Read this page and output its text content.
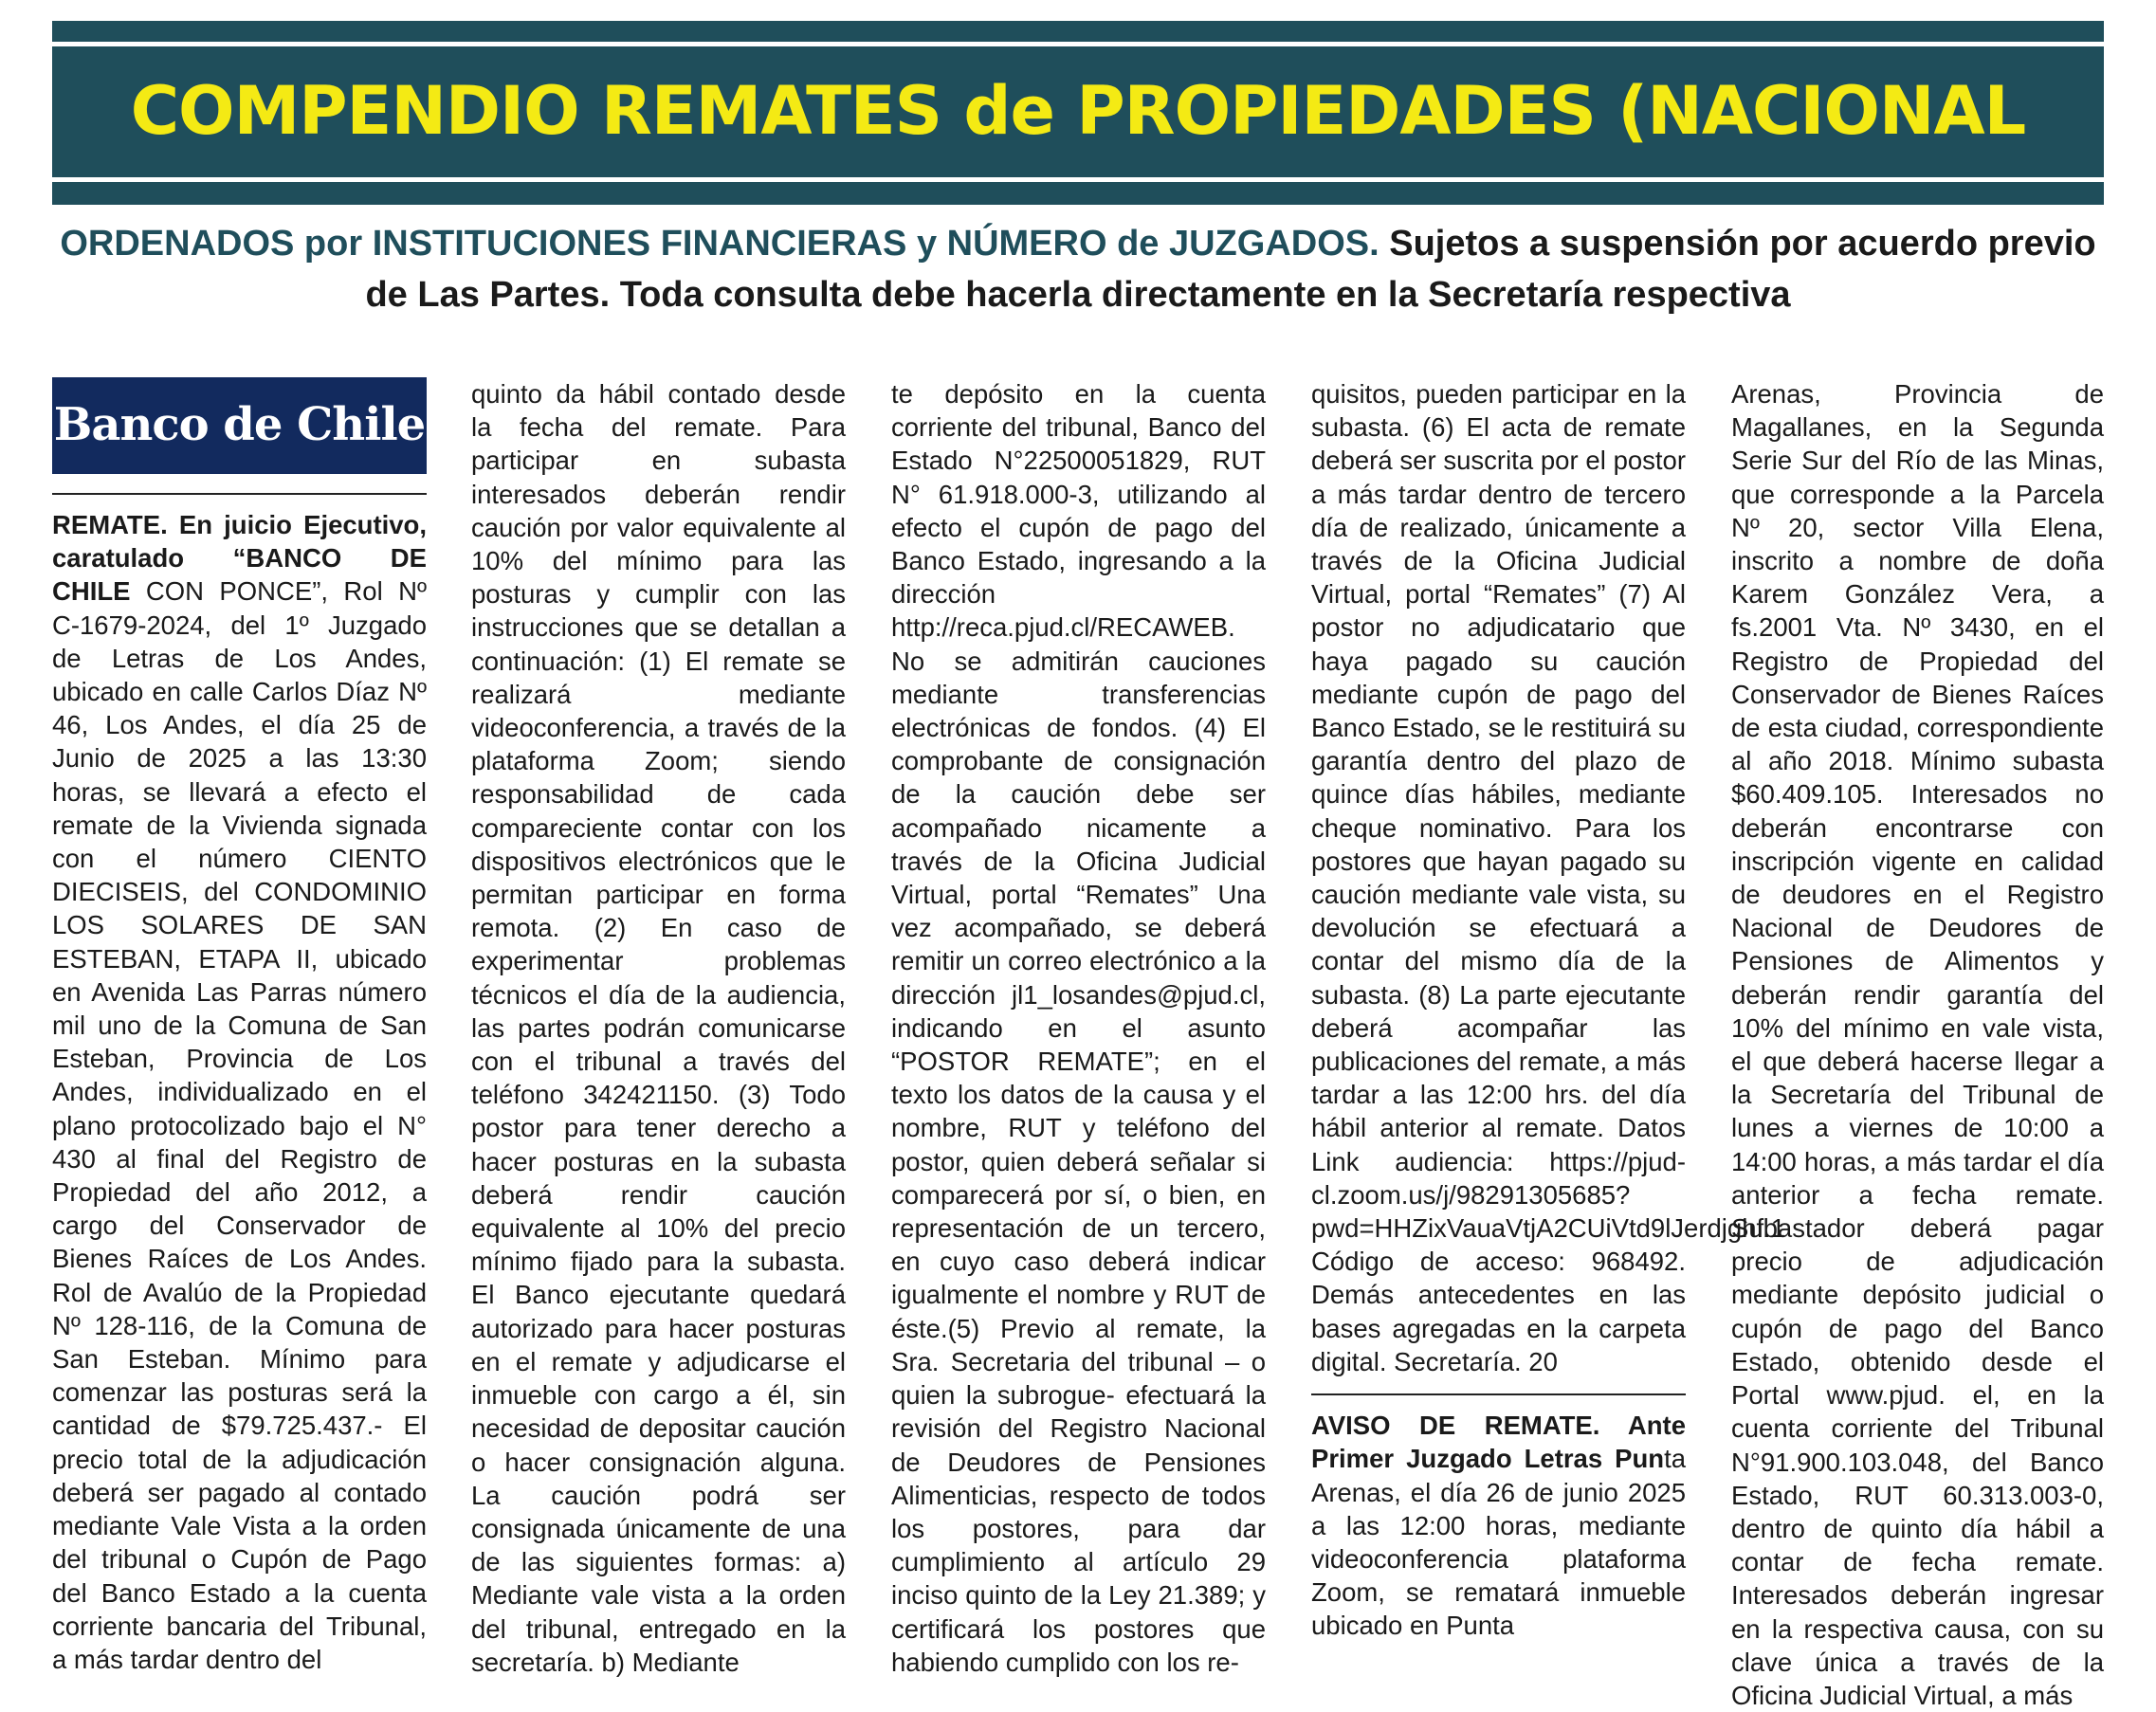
COMPENDIO REMATES de PROPIEDADES (NACIONAL
ORDENADOS por INSTITUCIONES FINANCIERAS y NÚMERO de JUZGADOS. Sujetos a suspensión por acuerdo previo de Las Partes. Toda consulta debe hacerla directamente en la Secretaría respectiva
Banco de Chile

REMATE. En juicio Ejecutivo, caratulado “BANCO DE CHILE CON PONCE”, Rol Nº C-1679-2024, del 1º Juzgado de Letras de Los Andes, ubicado en calle Carlos Díaz Nº 46, Los Andes, el día 25 de Junio de 2025 a las 13:30 horas, se llevará a efecto el remate de la Vivienda signada con el número CIENTO DIECISEIS, del CONDOMINIO LOS SOLARES DE SAN ESTEBAN, ETAPA II, ubicado en Avenida Las Parras número mil uno de la Comuna de San Esteban, Provincia de Los Andes, individualizado en el plano protocolizado bajo el N° 430 al final del Registro de Propiedad del año 2012, a cargo del Conservador de Bienes Raíces de Los Andes. Rol de Avalúo de la Propiedad Nº 128-116, de la Comuna de San Esteban. Mínimo para comenzar las posturas será la cantidad de $79.725.437.- El precio total de la adjudicación deberá ser pagado al contado mediante Vale Vista a la orden del tribunal o Cupón de Pago del Banco Estado a la cuenta corriente bancaria del Tribunal, a más tardar dentro del

quinto da hábil contado desde la fecha del remate. Para participar en subasta interesados deberán rendir caución por valor equivalente al 10% del mínimo para las posturas y cumplir con las instrucciones que se detallan a continuación: (1) El remate se realizará mediante videoconferencia, a través de la plataforma Zoom; siendo responsabilidad de cada compareciente contar con los dispositivos electrónicos que le permitan participar en forma remota. (2) En caso de experimentar problemas técnicos el día de la audiencia, las partes podrán comunicarse con el tribunal a través del teléfono 342421150. (3) Todo postor para tener derecho a hacer posturas en la subasta deberá rendir caución equivalente al 10% del precio mínimo fijado para la subasta. El Banco ejecutante quedará autorizado para hacer posturas en el remate y adjudicarse el inmueble con cargo a él, sin necesidad de depositar caución o hacer consignación alguna. La caución podrá ser consignada únicamente de una de las siguientes formas: a) Mediante vale vista a la orden del tribunal, entregado en la secretaría. b) Mediante

te depósito en la cuenta corriente del tribunal, Banco del Estado N°22500051829, RUT N° 61.918.000-3, utilizando al efecto el cupón de pago del Banco Estado, ingresando a la dirección http://reca.pjud.cl/RECAWEB. No se admitirán cauciones mediante transferencias electrónicas de fondos. (4) El comprobante de consignación de la caución debe ser acompañado nicamente a través de la Oficina Judicial Virtual, portal “Remates” Una vez acompañado, se deberá remitir un correo electrónico a la dirección jl1_losandes@pjud.cl, indicando en el asunto “POSTOR REMATE”; en el texto los datos de la causa y el nombre, RUT y teléfono del postor, quien deberá señalar si comparecerá por sí, o bien, en representación de un tercero, en cuyo caso deberá indicar igualmente el nombre y RUT de éste.(5) Previo al remate, la Sra. Secretaria del tribunal – o quien la subrogue- efectuará la revisión del Registro Nacional de Deudores de Pensiones Alimenticias, respecto de todos los postores, para dar cumplimiento al artículo 29 inciso quinto de la Ley 21.389; y certificará los postores que habiendo cumplido con los re-

quisitos, pueden participar en la subasta. (6) El acta de remate deberá ser suscrita por el postor a más tardar dentro de tercero día de realizado, únicamente a través de la Oficina Judicial Virtual, portal “Remates” (7) Al postor no adjudicatario que haya pagado su caución mediante cupón de pago del Banco Estado, se le restituirá su garantía dentro del plazo de quince días hábiles, mediante cheque nominativo. Para los postores que hayan pagado su caución mediante vale vista, su devolución se efectuará a contar del mismo día de la subasta. (8) La parte ejecutante deberá acompañar las publicaciones del remate, a más tardar a las 12:00 hrs. del día hábil anterior al remate. Datos Link audiencia: https://pjud-cl.zoom.us/j/98291305685?pwd=HHZixVauaVtjA2CUiVtd9lJerdjghf.1 Código de acceso: 968492. Demás antecedentes en las bases agregadas en la carpeta digital. Secretaría. 20

AVISO DE REMATE. Ante Primer Juzgado Letras Punta Arenas, el día 26 de junio 2025 a las 12:00 horas, mediante videoconferencia plataforma Zoom, se rematará inmueble ubicado en Punta

Arenas, Provincia de Magallanes, en la Segunda Serie Sur del Río de las Minas, que corresponde a la Parcela Nº 20, sector Villa Elena, inscrito a nombre de doña Karem González Vera, a fs.2001 Vta. Nº 3430, en el Registro de Propiedad del Conservador de Bienes Raíces de esta ciudad, correspondiente al año 2018. Mínimo subasta $60.409.105. Interesados no deberán encontrarse con inscripción vigente en calidad de deudores en el Registro Nacional de Deudores de Pensiones de Alimentos y deberán rendir garantía del 10% del mínimo en vale vista, el que deberá hacerse llegar a la Secretaría del Tribunal de lunes a viernes de 10:00 a 14:00 horas, a más tardar el día anterior a fecha remate. Subastador deberá pagar precio de adjudicación mediante depósito judicial o cupón de pago del Banco Estado, obtenido desde el Portal www.pjud. el, en la cuenta corriente del Tribunal N°91.900.103.048, del Banco Estado, RUT 60.313.003-0, dentro de quinto día hábil a contar de fecha remate. Interesados deberán ingresar en la respectiva causa, con su clave única a través de la Oficina Judicial Virtual, a más
